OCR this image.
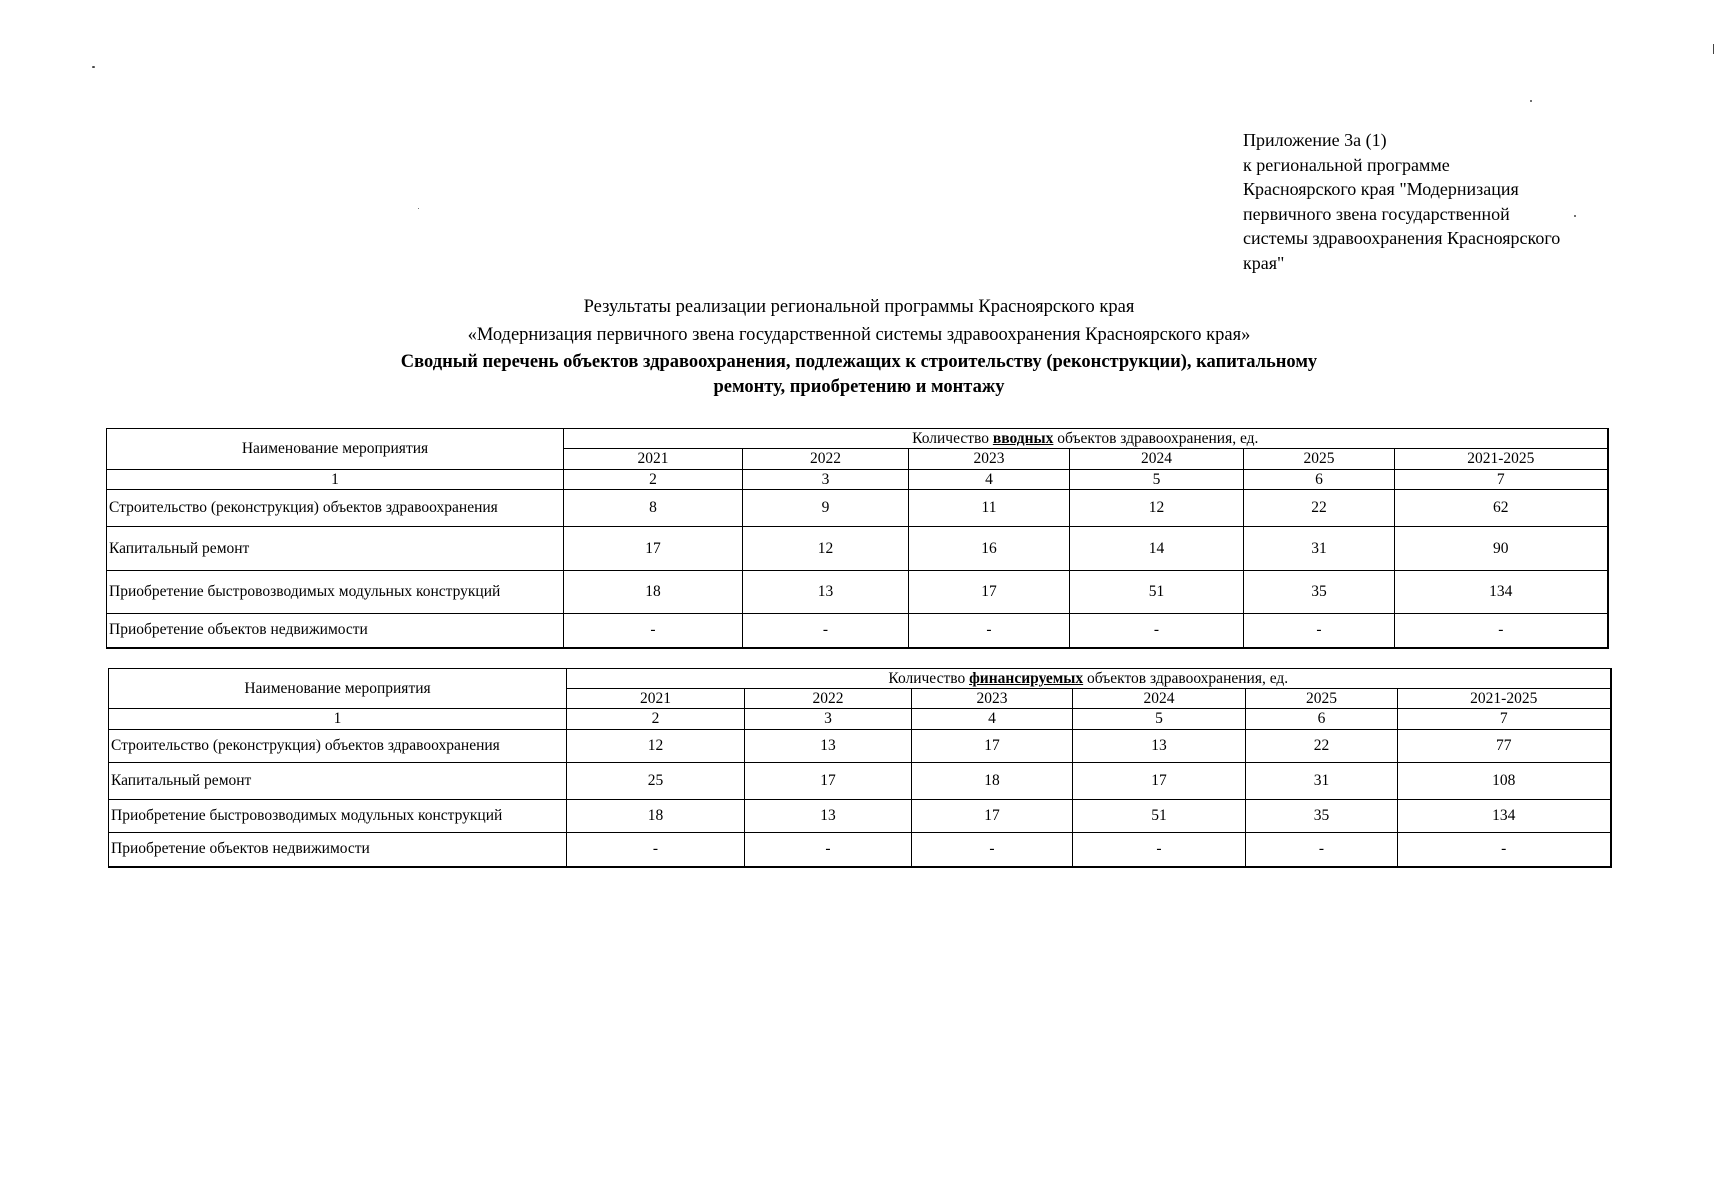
Приложение 3а (1)
к региональной программе
Красноярского края "Модернизация
первичного звена государственной
системы здравоохранения Красноярского
края"
Результаты реализации региональной программы Красноярского края
«Модернизация первичного звена государственной системы здравоохранения Красноярского края»
Сводный перечень объектов здравоохранения, подлежащих к строительству (реконструкции), капитальному
ремонту, приобретению и монтажу
Наименование мероприятия	Количество вводных объектов здравоохранения, ед.					
	2021	2022	2023	2024	2025	2021-2025
1	2	3	4	5	6	7
Строительство (реконструкция) объектов здравоохранения	8	9	11	12	22	62
Капитальный ремонт	17	12	16	14	31	90
Приобретение быстровозводимых модульных конструкций	18	13	17	51	35	134
Приобретение объектов недвижимости	-	-	-	-	-	-
Наименование мероприятия	Количество финансируемых объектов здравоохранения, ед.					
	2021	2022	2023	2024	2025	2021-2025
1	2	3	4	5	6	7
Строительство (реконструкция) объектов здравоохранения	12	13	17	13	22	77
Капитальный ремонт	25	17	18	17	31	108
Приобретение быстровозводимых модульных конструкций	18	13	17	51	35	134
Приобретение объектов недвижимости	-	-	-	-	-	-
